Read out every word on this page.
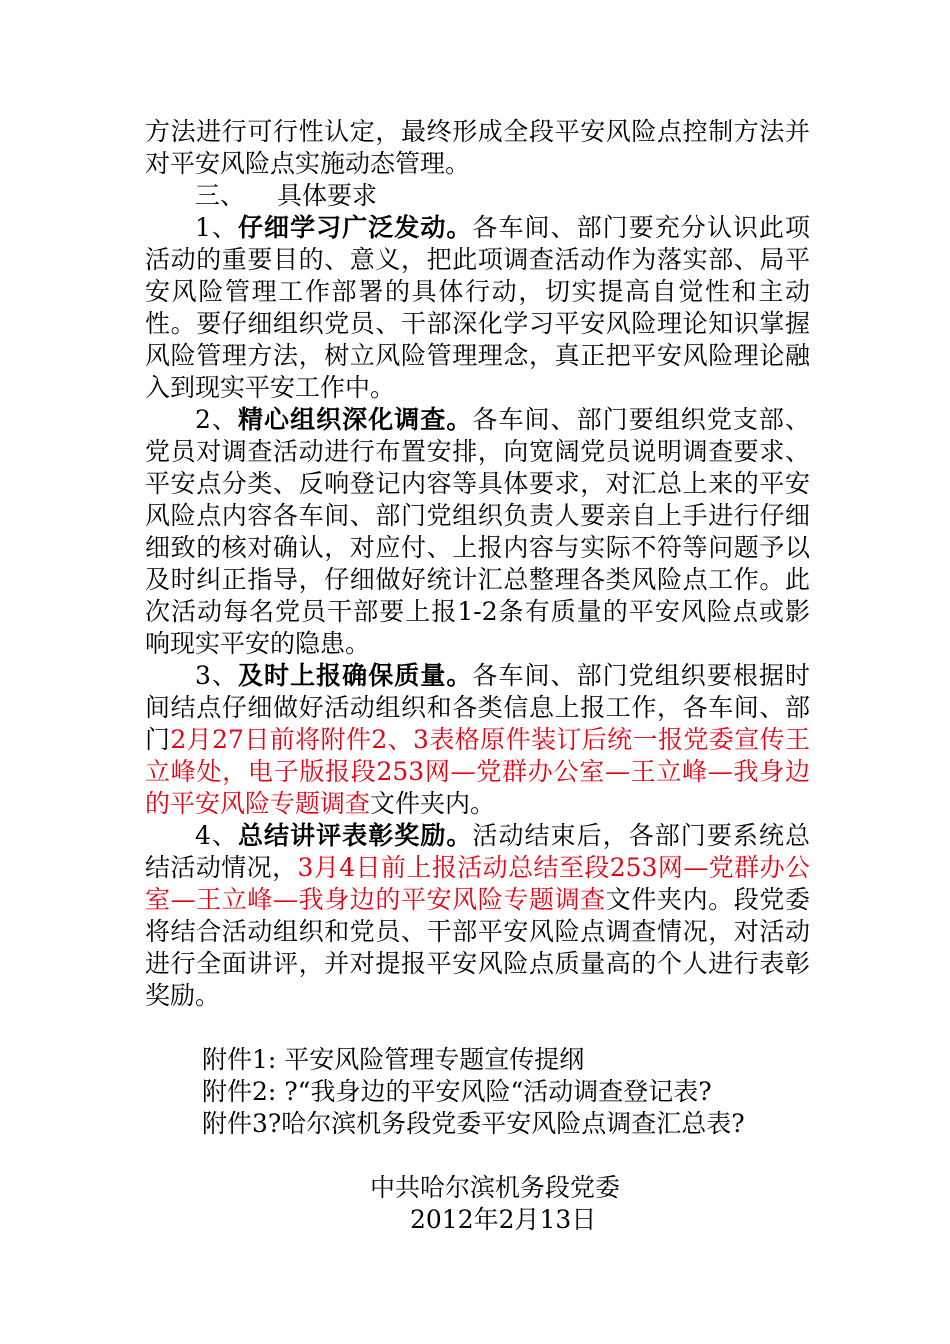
方法进行可行性认定，最终形成全段平安风险点控制方法并对平安风险点实施动态管理。

三、 具体要求

1、仔细学习广泛发动。各车间、部门要充分认识此项活动的重要目的、意义，把此项调查活动作为落实部、局平安风险管理工作部署的具体行动，切实提高自觉性和主动性。要仔细组织党员、干部深化学习平安风险理论知识掌握风险管理方法，树立风险管理理念，真正把平安风险理论融入到现实平安工作中。

2、精心组织深化调查。各车间、部门要组织党支部、党员对调查活动进行布置安排，向宽阔党员说明调查要求、平安点分类、反响登记内容等具体要求，对汇总上来的平安风险点内容各车间、部门党组织负责人要亲自上手进行仔细细致的核对确认，对应付、上报内容与实际不符等问题予以及时纠正指导，仔细做好统计汇总整理各类风险点工作。此次活动每名党员干部要上报1-2条有质量的平安风险点或影响现实平安的隐患。

3、及时上报确保质量。各车间、部门党组织要根据时间结点仔细做好活动组织和各类信息上报工作，各车间、部门2月27日前将附件2、3表格原件装订后统一报党委宣传王立峰处，电子版报段253网—党群办公室—王立峰—我身边的平安风险专题调查文件夹内。

4、总结讲评表彰奖励。活动结束后，各部门要系统总结活动情况，3月4日前上报活动总结至段253网—党群办公室—王立峰—我身边的平安风险专题调查文件夹内。段党委将结合活动组织和党员、干部平安风险点调查情况，对活动进行全面讲评，并对提报平安风险点质量高的个人进行表彰奖励。

附件1: 平安风险管理专题宣传提纲

附件2: ?“我身边的平安风险“活动调查登记表?

附件3?哈尔滨机务段党委平安风险点调查汇总表?

中共哈尔滨机务段党委

2012年2月13日
